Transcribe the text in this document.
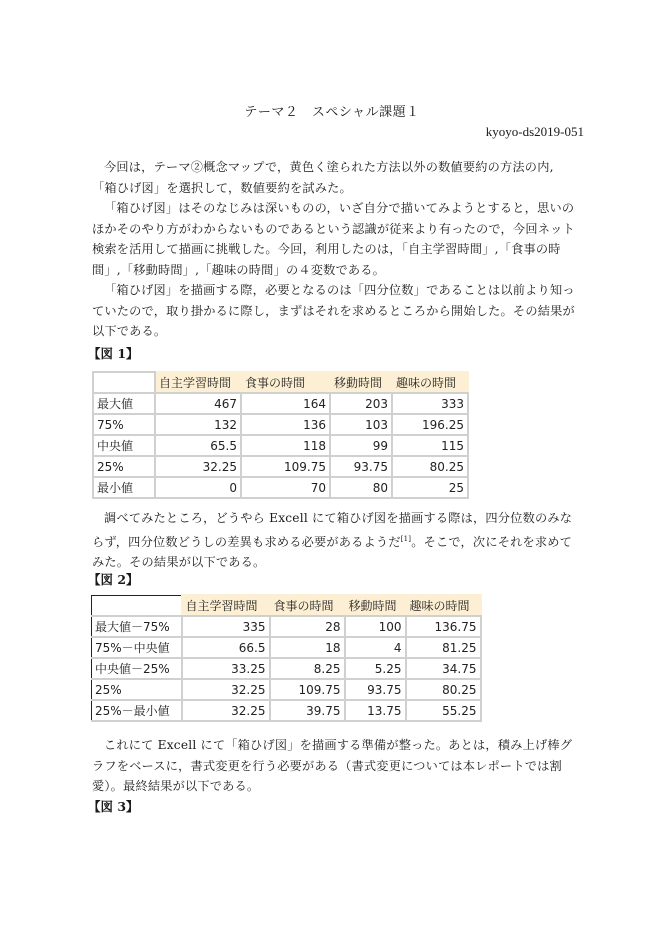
テーマ２　スペシャル課題１
kyoyo-ds2019-051

今回は，テーマ②概念マップで，黄色く塗られた方法以外の数値要約の方法の内,「箱ひげ図」を選択して，数値要約を試みた。

「箱ひげ図」はそのなじみは深いものの，いざ自分で描いてみようとすると，思いのほかそのやり方がわからないものであるという認識が従来より有ったので，今回ネット検索を活用して描画に挑戦した。今回，利用したのは，「自主学習時間」,「食事の時間」,「移動時間」,「趣味の時間」の４変数である。

「箱ひげ図」を描画する際，必要となるのは「四分位数」であることは以前より知っていたので，取り掛かるに際し，まずはそれを求めるところから開始した。その結果が以下である。

【図 1】
	自主学習時間	食事の時間	移動時間	趣味の時間
最大値	467	164	203	333
75%	132	136	103	196.25
中央値	65.5	118	99	115
25%	32.25	109.75	93.75	80.25
最小値	0	70	80	25

調べてみたところ，どうやら Excell にて箱ひげ図を描画する際は，四分位数のみならず，四分位数どうしの差異も求める必要があるようだ[1]。そこで，次にそれを求めてみた。その結果が以下である。

【図 2】
	自主学習時間	食事の時間	移動時間	趣味の時間
最大値－75%	335	28	100	136.75
75%－中央値	66.5	18	4	81.25
中央値－25%	33.25	8.25	5.25	34.75
25%	32.25	109.75	93.75	80.25
25%－最小値	32.25	39.75	13.75	55.25

これにて Excell にて「箱ひげ図」を描画する準備が整った。あとは，積み上げ棒グラフをベースに，書式変更を行う必要がある（書式変更については本レポートでは割愛）。最終結果が以下である。

【図 3】
